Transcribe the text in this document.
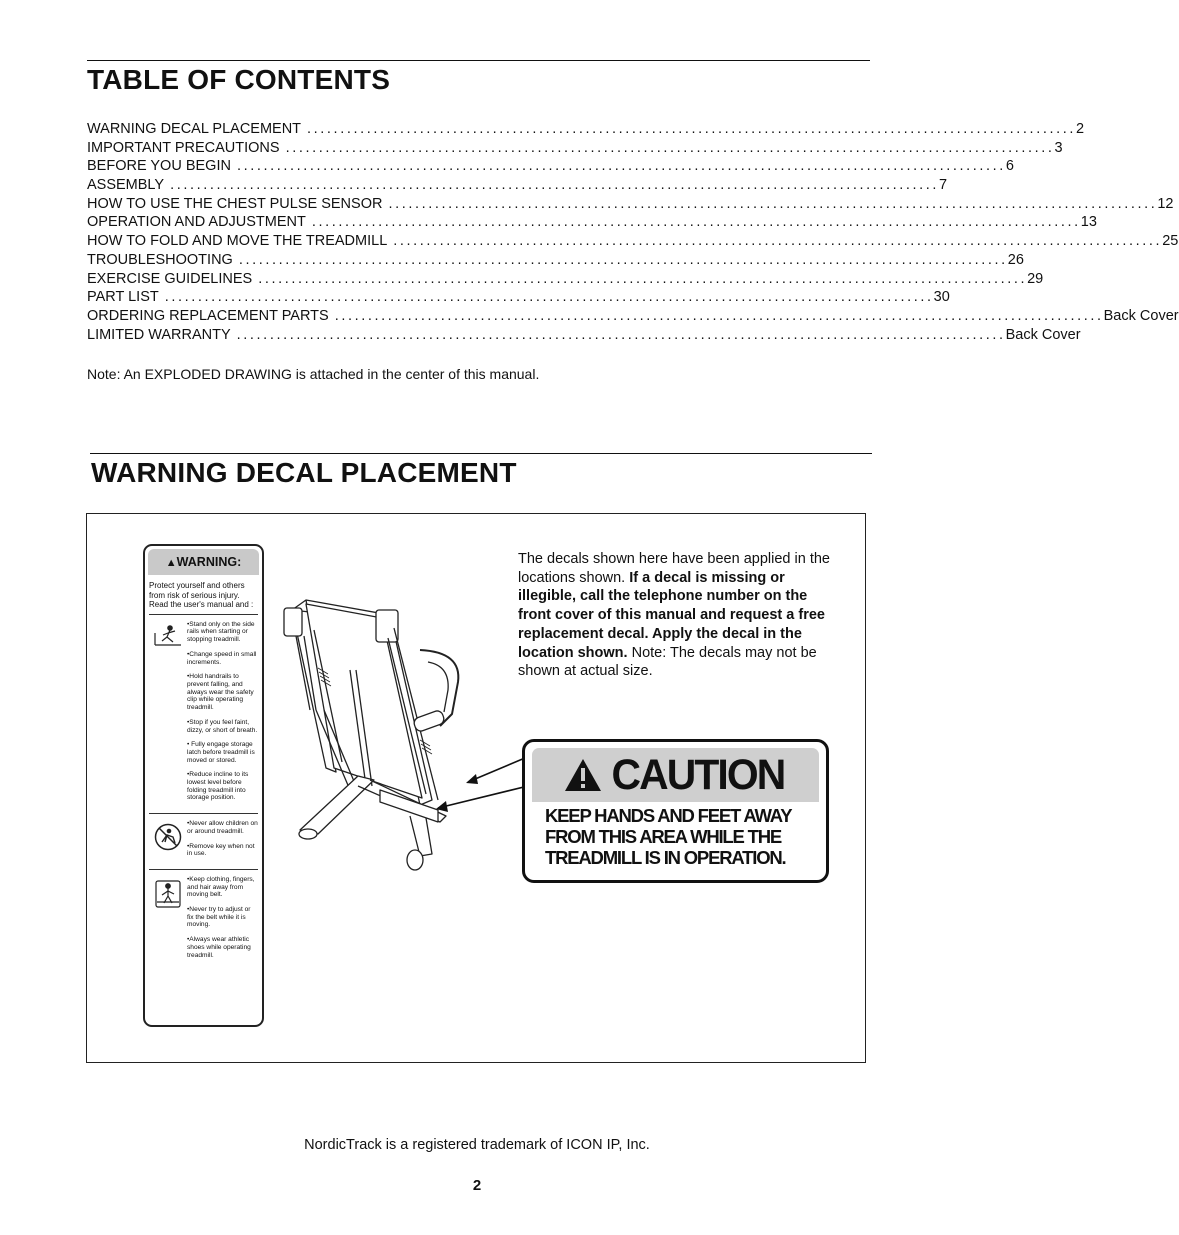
TABLE OF CONTENTS
WARNING DECAL PLACEMENT .................................................................................................................... 2
IMPORTANT PRECAUTIONS .................................................................................................................... 3
BEFORE YOU BEGIN .................................................................................................................... 6
ASSEMBLY .................................................................................................................... 7
HOW TO USE THE CHEST PULSE SENSOR .................................................................................................................... 12
OPERATION AND ADJUSTMENT .................................................................................................................... 13
HOW TO FOLD AND MOVE THE TREADMILL .................................................................................................................... 25
TROUBLESHOOTING .................................................................................................................... 26
EXERCISE GUIDELINES .................................................................................................................... 29
PART LIST .................................................................................................................... 30
ORDERING REPLACEMENT PARTS .................................................................................................................... Back Cover
LIMITED WARRANTY .................................................................................................................... Back Cover
Note: An EXPLODED DRAWING is attached in the center of this manual.
WARNING DECAL PLACEMENT
The decals shown here have been applied in the locations shown. If a decal is missing or illegible, call the telephone number on the front cover of this manual and request a free replacement decal. Apply the decal in the location shown. Note: The decals may not be shown at actual size.
▲WARNING:
Protect yourself and others from risk of serious injury. Read the user's manual and :
•Stand only on the side rails when starting or stopping treadmill.
•Change speed in small increments.
•Hold handrails to prevent falling, and always wear the safety clip while operating treadmill.
•Stop if you feel faint, dizzy, or short of breath.
• Fully engage storage latch before treadmill is moved or stored.
•Reduce incline to its lowest level before folding treadmill into storage position.
•Never allow children on or around treadmill.
•Remove key when not in use.
•Keep clothing, fingers, and hair away from moving belt.
•Never try to adjust or fix the belt while it is moving.
•Always wear athletic shoes while operating treadmill.
CAUTION
KEEP HANDS AND FEET AWAY
FROM THIS AREA WHILE THE
TREADMILL IS IN OPERATION.
NordicTrack is a registered trademark of ICON IP, Inc.
2
